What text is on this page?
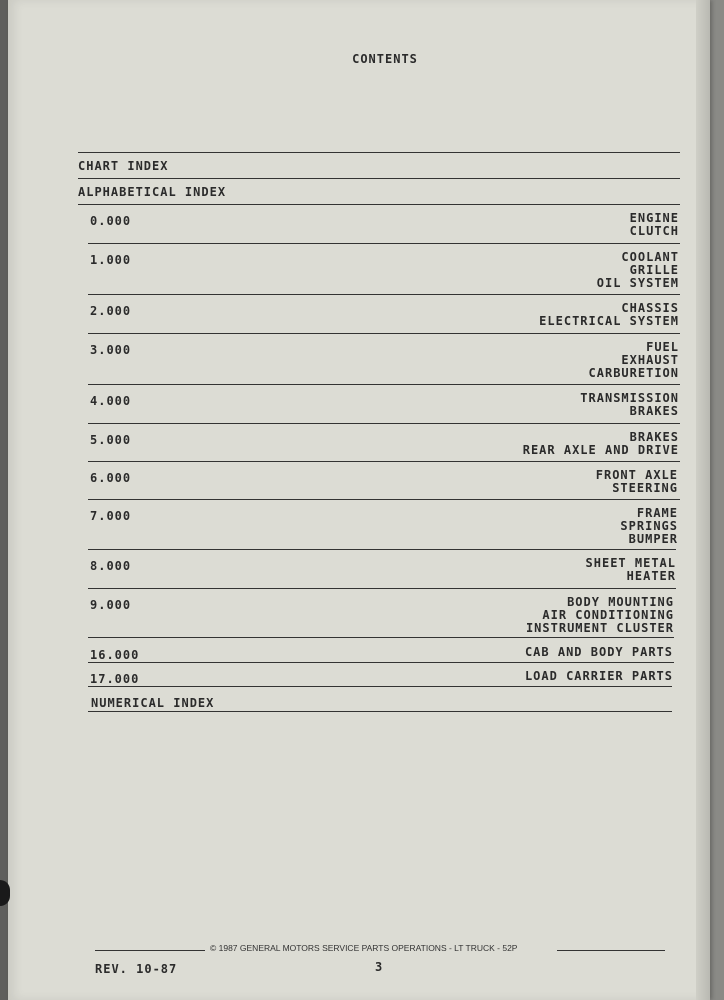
CONTENTS
CHART INDEX
ALPHABETICAL INDEX
0.000	ENGINE
CLUTCH
1.000	COOLANT
GRILLE
OIL SYSTEM
2.000	CHASSIS
ELECTRICAL SYSTEM
3.000	FUEL
EXHAUST
CARBURETION
4.000	TRANSMISSION
BRAKES
5.000	BRAKES
REAR AXLE AND DRIVE
6.000	FRONT AXLE
STEERING
7.000	FRAME
SPRINGS
BUMPER
8.000	SHEET METAL
HEATER
9.000	BODY MOUNTING
AIR CONDITIONING
INSTRUMENT CLUSTER
16.000	CAB AND BODY PARTS
17.000	LOAD CARRIER PARTS
NUMERICAL INDEX
© 1987 GENERAL MOTORS SERVICE PARTS OPERATIONS - LT TRUCK - 52P
REV. 10-87	3
